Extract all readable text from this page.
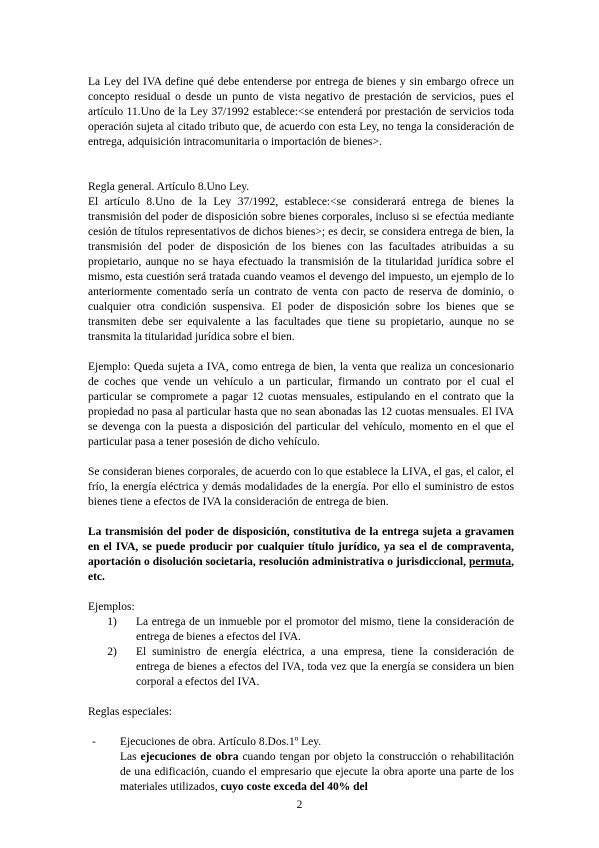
La Ley del IVA define qué debe entenderse por entrega de bienes y sin embargo ofrece un concepto residual o desde un punto de vista negativo de prestación de servicios, pues el artículo 11.Uno de la Ley 37/1992 establece:<se entenderá por prestación de servicios toda operación sujeta al citado tributo que, de acuerdo con esta Ley, no tenga la consideración de entrega, adquisición intracomunitaria o importación de bienes>.

Regla general. Artículo 8.Uno Ley.

El artículo 8.Uno de la Ley 37/1992, establece:<se considerará entrega de bienes la transmisión del poder de disposición sobre bienes corporales, incluso si se efectúa mediante cesión de títulos representativos de dichos bienes>; es decir, se considera entrega de bien, la transmisión del poder de disposición de los bienes con las facultades atribuidas a su propietario, aunque no se haya efectuado la transmisión de la titularidad jurídica sobre el mismo, esta cuestión será tratada cuando veamos el devengo del impuesto, un ejemplo de lo anteriormente comentado sería un contrato de venta con pacto de reserva de dominio, o cualquier otra condición suspensiva. El poder de disposición sobre los bienes que se transmiten debe ser equivalente a las facultades que tiene su propietario, aunque no se transmita la titularidad jurídica sobre el bien.

Ejemplo: Queda sujeta a IVA, como entrega de bien, la venta que realiza un concesionario de coches que vende un vehículo a un particular, firmando un contrato por el cual el particular se compromete a pagar 12 cuotas mensuales, estipulando en el contrato que la propiedad no pasa al particular hasta que no sean abonadas las 12 cuotas mensuales. El IVA se devenga con la puesta a disposición del particular del vehículo, momento en el que el particular pasa a tener posesión de dicho vehículo.

Se consideran bienes corporales, de acuerdo con lo que establece la LIVA, el gas, el calor, el frío, la energía eléctrica y demás modalidades de la energía. Por ello el suministro de estos bienes tiene a efectos de IVA la consideración de entrega de bien.

La transmisión del poder de disposición, constitutiva de la entrega sujeta a gravamen en el IVA, se puede producir por cualquier título jurídico, ya sea el de compraventa, aportación o disolución societaria, resolución administrativa o jurisdiccional, permuta, etc.

Ejemplos:

1)	La entrega de un inmueble por el promotor del mismo, tiene la consideración de entrega de bienes a efectos del IVA.
2)	El suministro de energía eléctrica, a una empresa, tiene la consideración de entrega de bienes a efectos del IVA, toda vez que la energía se considera un bien corporal a efectos del IVA.

Reglas especiales:

-	Ejecuciones de obra. Artículo 8.Dos.1º Ley.

Las ejecuciones de obra cuando tengan por objeto la construcción o rehabilitación de una edificación, cuando el empresario que ejecute la obra aporte una parte de los materiales utilizados, cuyo coste exceda del 40% del

2
